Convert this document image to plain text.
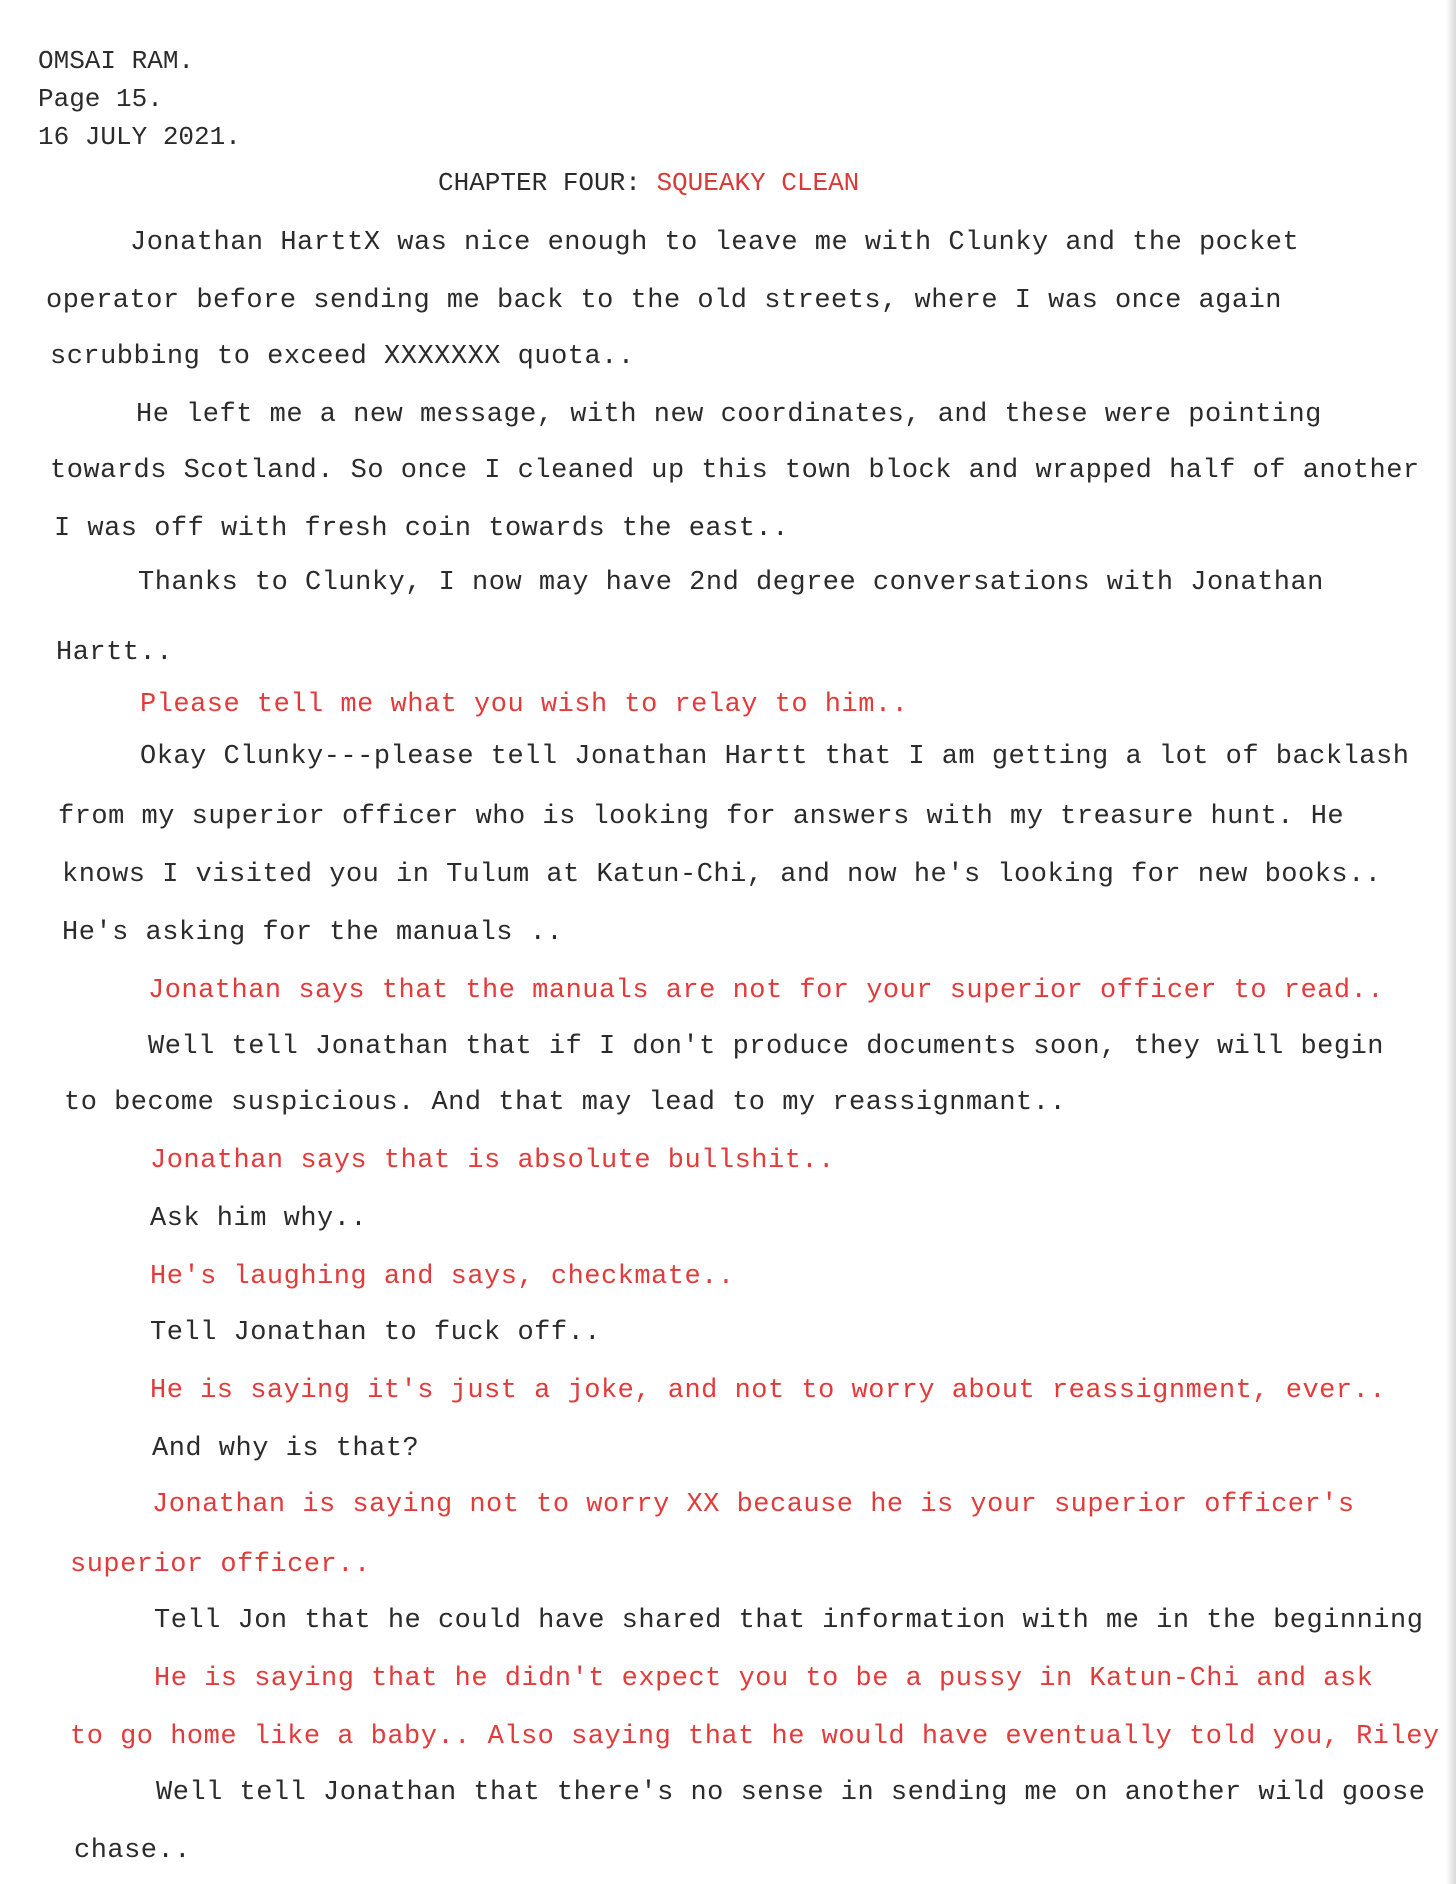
OMSAI RAM.
Page 15.
16 JULY 2021.
CHAPTER FOUR: SQUEAKY CLEAN
Jonathan HarttX was nice enough to leave me with Clunky and the pocket
operator before sending me back to the old streets, where I was once again
scrubbing to exceed XXXXXXX quota..
He left me a new message, with new coordinates, and these were pointing
towards Scotland. So once I cleaned up this town block and wrapped half of another
I was off with fresh coin towards the east..
Thanks to Clunky, I now may have 2nd degree conversations with Jonathan
Hartt..
Please tell me what you wish to relay to him..
Okay Clunky---please tell Jonathan Hartt that I am getting a lot of backlash
from my superior officer who is looking for answers with my treasure hunt. He
knows I visited you in Tulum at Katun-Chi, and now he's looking for new books..
He's asking for the manuals ..
Jonathan says that the manuals are not for your superior officer to read..
Well tell Jonathan that if I don't produce documents soon, they will begin
to become suspicious. And that may lead to my reassignmant..
Jonathan says that is absolute bullshit..
Ask him why..
He's laughing and says, checkmate..
Tell Jonathan to fuck off..
He is saying it's just a joke, and not to worry about reassignment, ever..
And why is that?
Jonathan is saying not to worry XX because he is your superior officer's
superior officer..
Tell Jon that he could have shared that information with me in the beginning
He is saying that he didn't expect you to be a pussy in Katun-Chi and ask
to go home like a baby.. Also saying that he would have eventually told you, Riley
Well tell Jonathan that there's no sense in sending me on another wild goose
chase..
